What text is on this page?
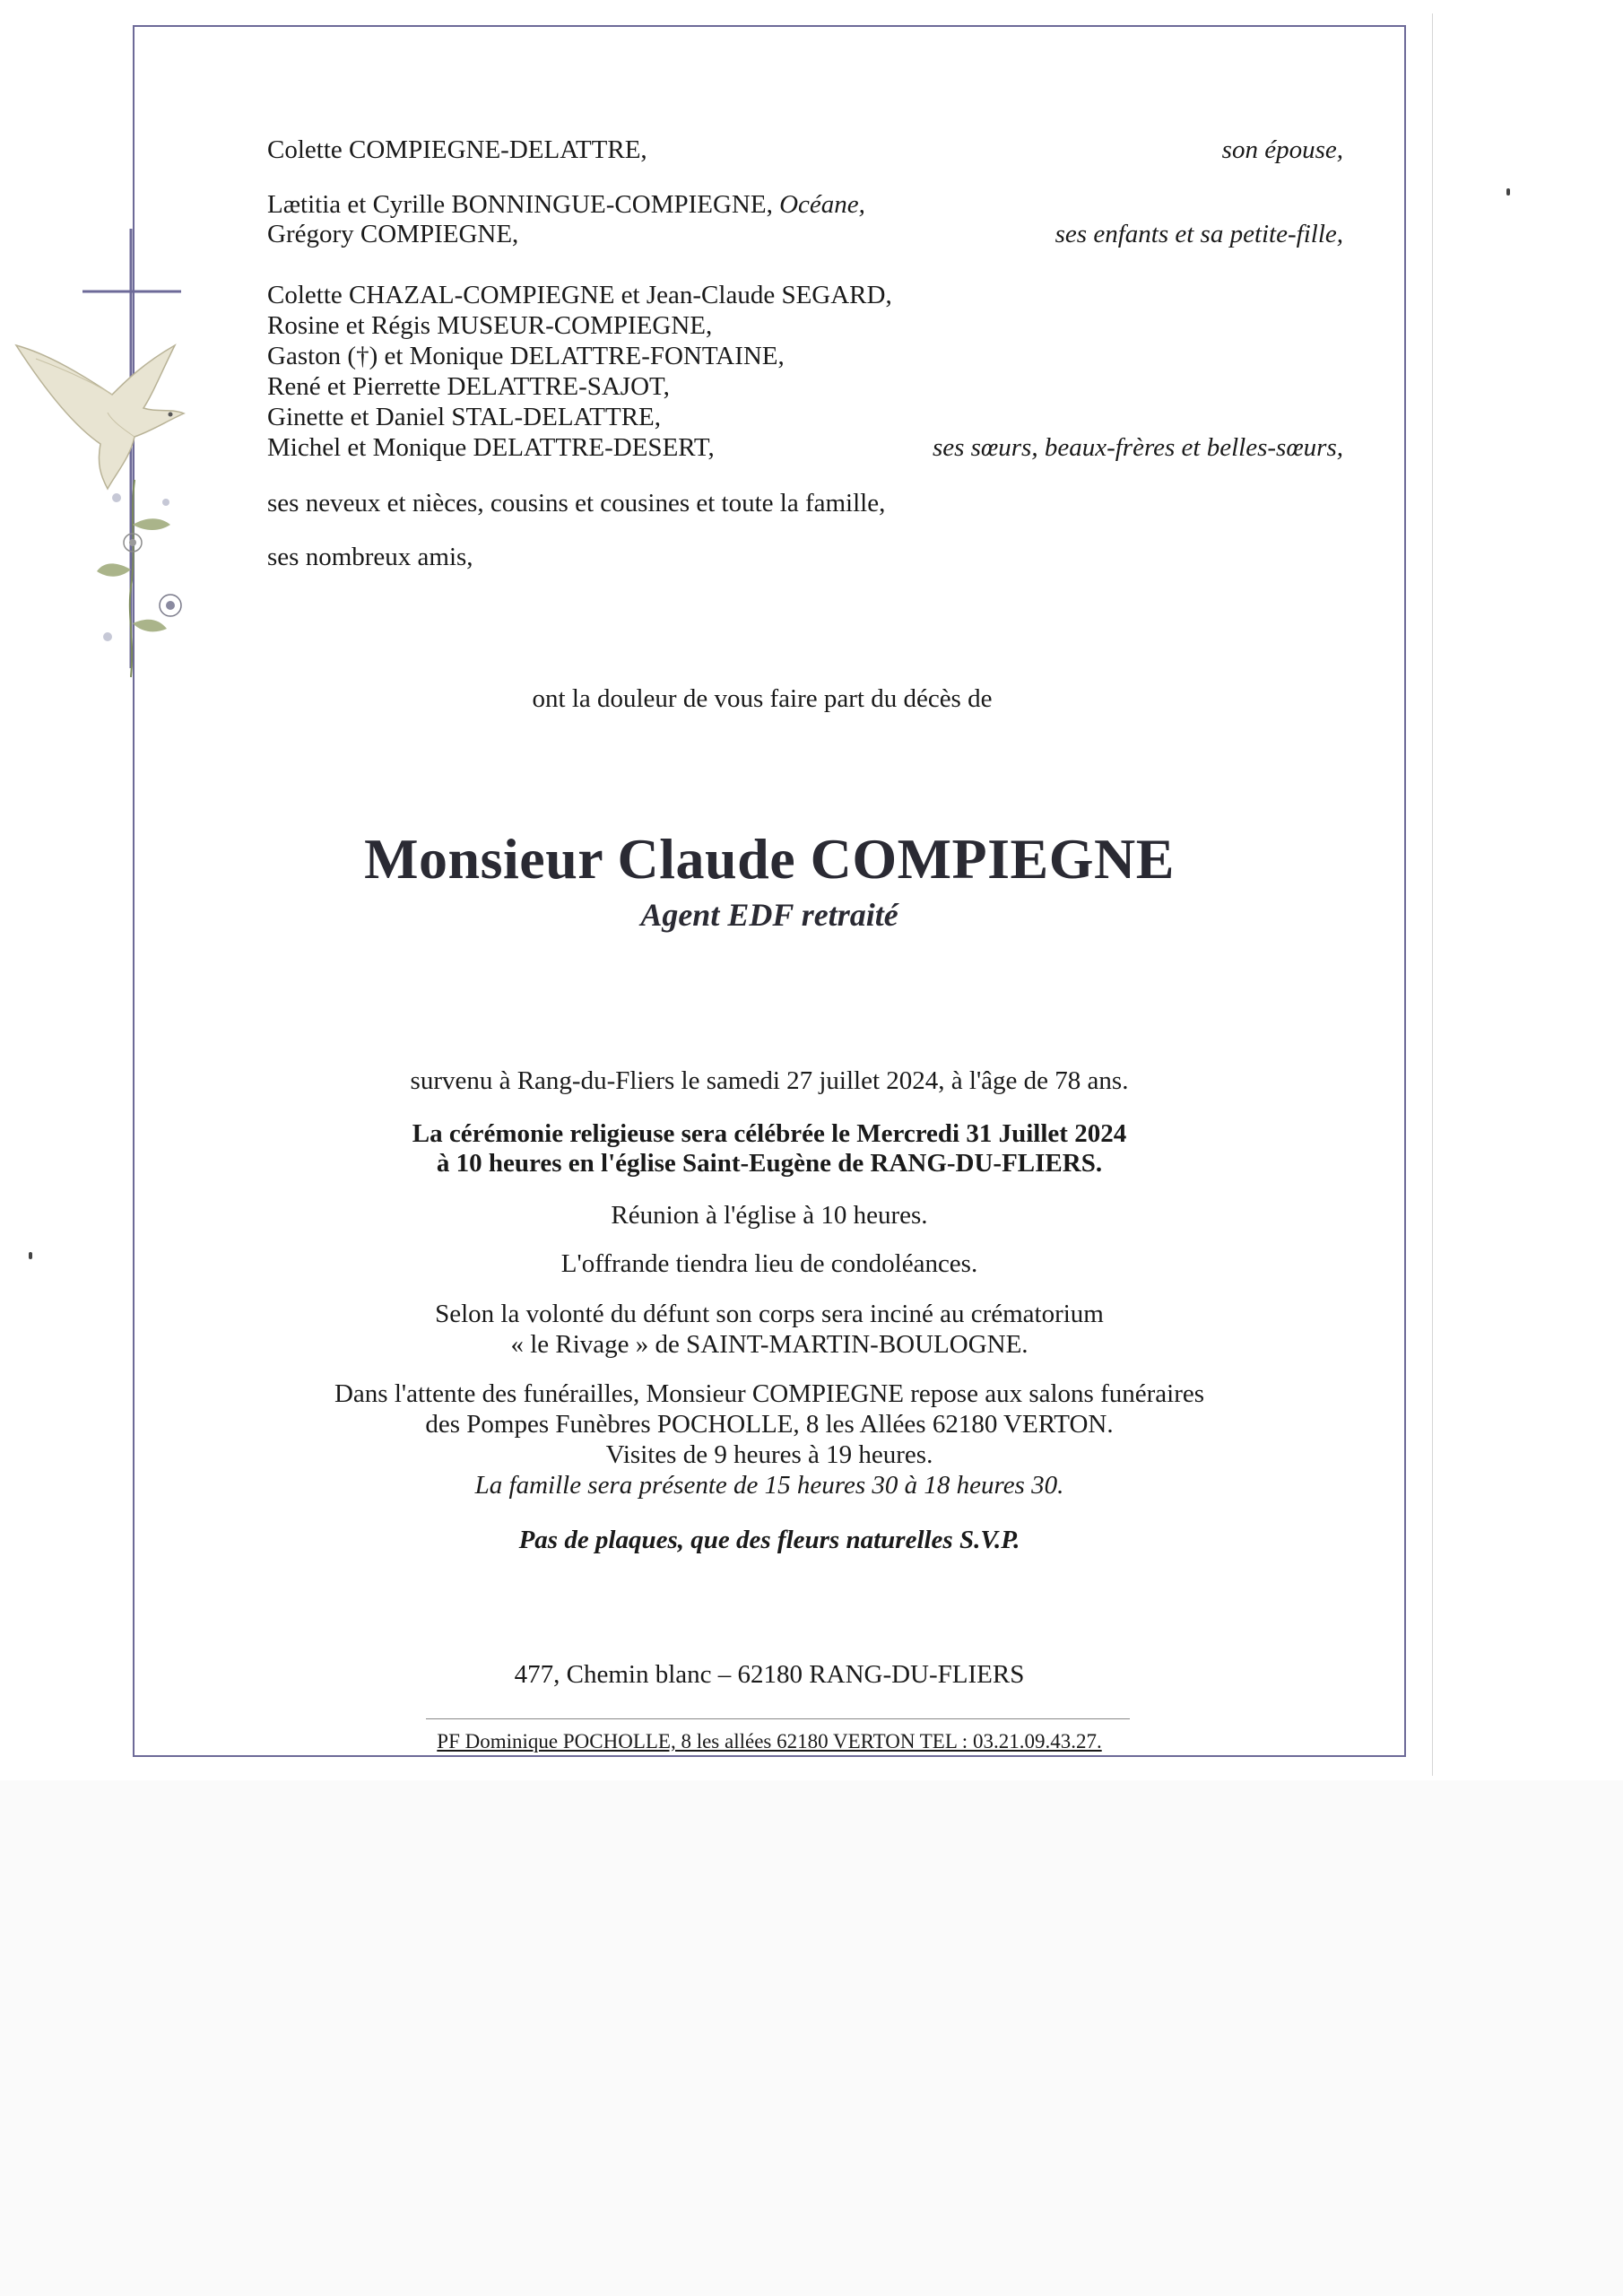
Colette COMPIEGNE-DELATTRE,	son épouse,
Lætitia et Cyrille BONNINGUE-COMPIEGNE, Océane,
Grégory COMPIEGNE,	ses enfants et sa petite-fille,
Colette CHAZAL-COMPIEGNE et Jean-Claude SEGARD,
Rosine et Régis MUSEUR-COMPIEGNE,
Gaston (†) et Monique DELATTRE-FONTAINE,
René et Pierrette DELATTRE-SAJOT,
Ginette et Daniel STAL-DELATTRE,
Michel et Monique DELATTRE-DESERT,	ses sœurs, beaux-frères et belles-sœurs,
ses neveux et nièces, cousins et cousines et toute la famille,
ses nombreux amis,
ont la douleur de vous faire part du décès de
Monsieur Claude COMPIEGNE
Agent EDF retraité
survenu à Rang-du-Fliers le samedi 27 juillet 2024, à l'âge de 78 ans.
La cérémonie religieuse sera célébrée le Mercredi 31 Juillet 2024
à 10 heures en l'église Saint-Eugène de RANG-DU-FLIERS.
Réunion à l'église à 10 heures.
L'offrande tiendra lieu de condoléances.
Selon la volonté du défunt son corps sera inciné au crématorium
« le Rivage » de SAINT-MARTIN-BOULOGNE.
Dans l'attente des funérailles, Monsieur COMPIEGNE repose aux salons funéraires
des Pompes Funèbres POCHOLLE, 8 les Allées 62180 VERTON.
Visites de 9 heures à 19 heures.
La famille sera présente de 15 heures 30 à 18 heures 30.
Pas de plaques, que des fleurs naturelles S.V.P.
477, Chemin blanc – 62180 RANG-DU-FLIERS
PF Dominique POCHOLLE, 8 les allées 62180 VERTON TEL : 03.21.09.43.27.
